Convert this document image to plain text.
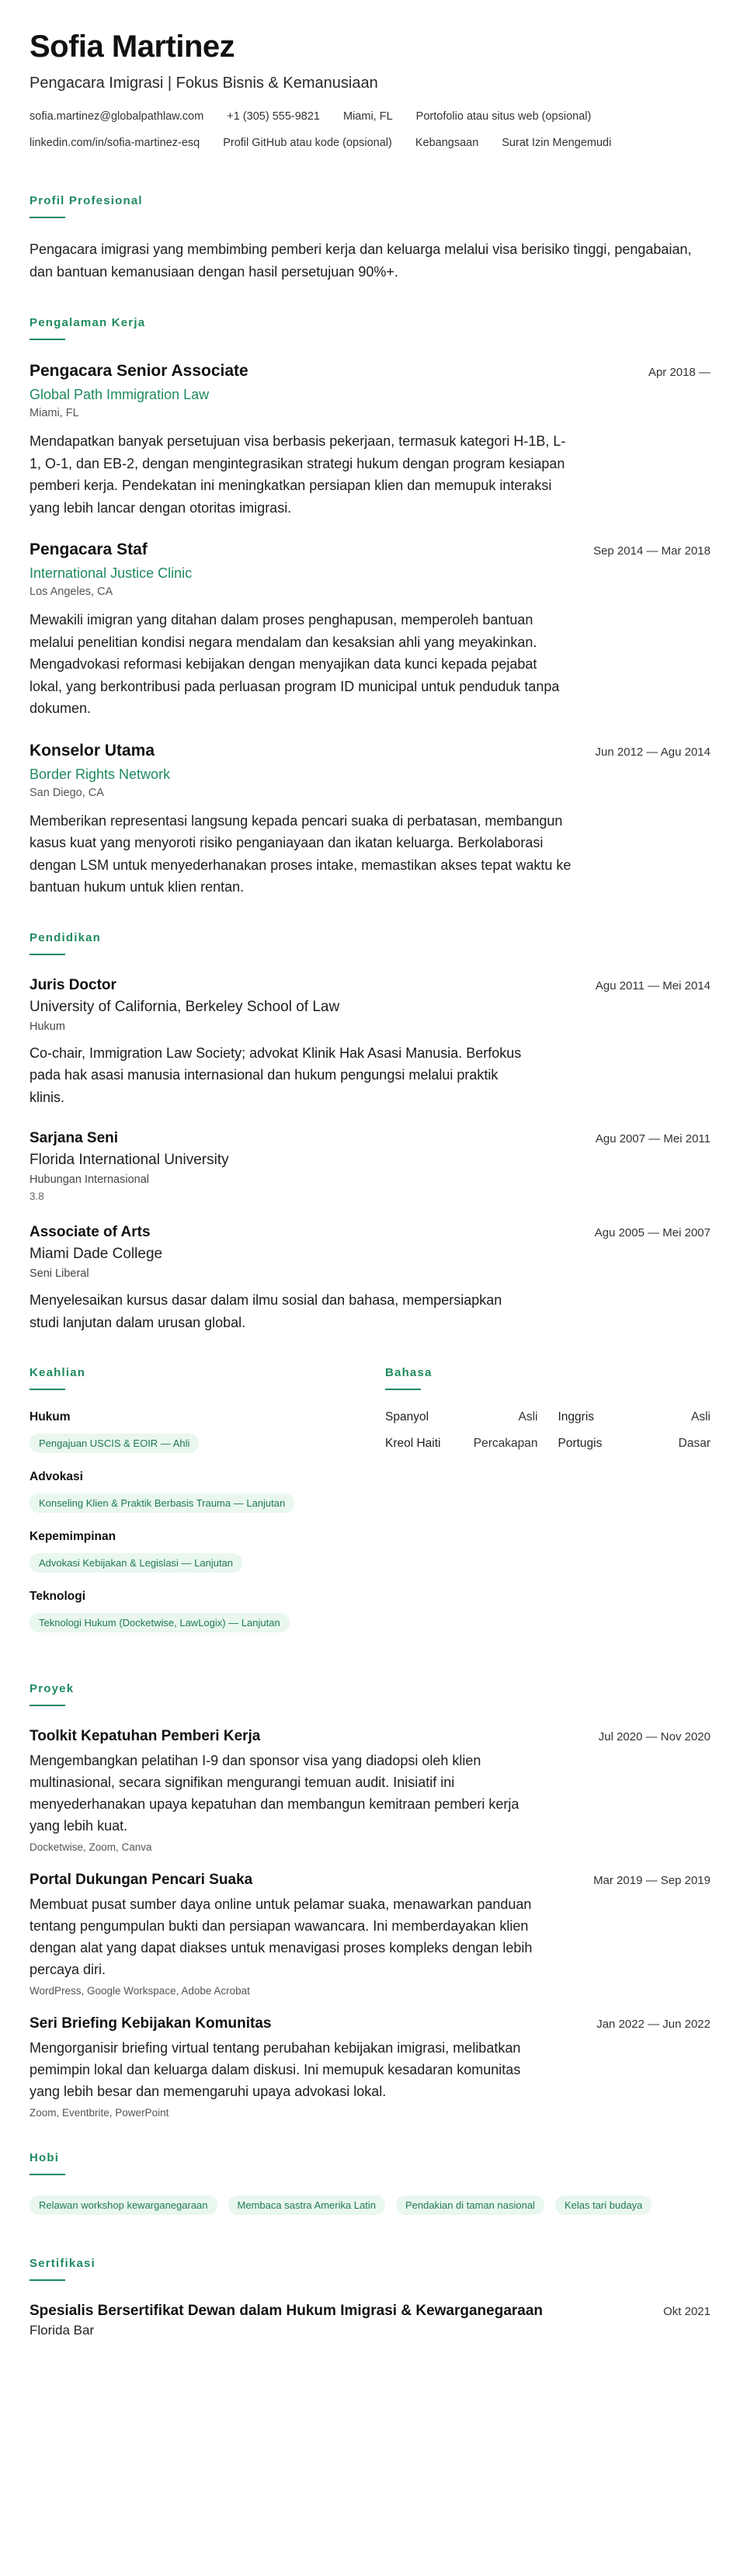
Sofia Martinez
Pengacara Imigrasi | Fokus Bisnis & Kemanusiaan
sofia.martinez@globalpathlaw.com +1 (305) 555-9821 Miami, FL Portofolio atau situs web (opsional)
linkedin.com/in/sofia-martinez-esq Profil GitHub atau kode (opsional) Kebangsaan Surat Izin Mengemudi
Profil Profesional
Pengacara imigrasi yang membimbing pemberi kerja dan keluarga melalui visa berisiko tinggi, pengabaian, dan bantuan kemanusiaan dengan hasil persetujuan 90%+.
Pengalaman Kerja
Pengacara Senior Associate	Apr 2018 —
Global Path Immigration Law
Miami, FL
Mendapatkan banyak persetujuan visa berbasis pekerjaan, termasuk kategori H-1B, L-1, O-1, dan EB-2, dengan mengintegrasikan strategi hukum dengan program kesiapan pemberi kerja. Pendekatan ini meningkatkan persiapan klien dan memupuk interaksi yang lebih lancar dengan otoritas imigrasi.
Pengacara Staf	Sep 2014 — Mar 2018
International Justice Clinic
Los Angeles, CA
Mewakili imigran yang ditahan dalam proses penghapusan, memperoleh bantuan melalui penelitian kondisi negara mendalam dan kesaksian ahli yang meyakinkan. Mengadvokasi reformasi kebijakan dengan menyajikan data kunci kepada pejabat lokal, yang berkontribusi pada perluasan program ID municipal untuk penduduk tanpa dokumen.
Konselor Utama	Jun 2012 — Agu 2014
Border Rights Network
San Diego, CA
Memberikan representasi langsung kepada pencari suaka di perbatasan, membangun kasus kuat yang menyoroti risiko penganiayaan dan ikatan keluarga. Berkolaborasi dengan LSM untuk menyederhanakan proses intake, memastikan akses tepat waktu ke bantuan hukum untuk klien rentan.
Pendidikan
Juris Doctor	Agu 2011 — Mei 2014
University of California, Berkeley School of Law
Hukum
Co-chair, Immigration Law Society; advokat Klinik Hak Asasi Manusia. Berfokus pada hak asasi manusia internasional dan hukum pengungsi melalui praktik klinis.
Sarjana Seni	Agu 2007 — Mei 2011
Florida International University
Hubungan Internasional
3.8
Associate of Arts	Agu 2005 — Mei 2007
Miami Dade College
Seni Liberal
Menyelesaikan kursus dasar dalam ilmu sosial dan bahasa, mempersiapkan studi lanjutan dalam urusan global.
Keahlian
Hukum
Pengajuan USCIS & EOIR — Ahli
Advokasi
Konseling Klien & Praktik Berbasis Trauma — Lanjutan
Kepemimpinan
Advokasi Kebijakan & Legislasi — Lanjutan
Teknologi
Teknologi Hukum (Docketwise, LawLogix) — Lanjutan
Bahasa
Spanyol	Asli Inggris	Asli
Kreol Haiti	Percakapan Portugis	Dasar
Proyek
Toolkit Kepatuhan Pemberi Kerja	Jul 2020 — Nov 2020
Mengembangkan pelatihan I-9 dan sponsor visa yang diadopsi oleh klien multinasional, secara signifikan mengurangi temuan audit. Inisiatif ini menyederhanakan upaya kepatuhan dan membangun kemitraan pemberi kerja yang lebih kuat.
Docketwise, Zoom, Canva
Portal Dukungan Pencari Suaka	Mar 2019 — Sep 2019
Membuat pusat sumber daya online untuk pelamar suaka, menawarkan panduan tentang pengumpulan bukti dan persiapan wawancara. Ini memberdayakan klien dengan alat yang dapat diakses untuk menavigasi proses kompleks dengan lebih percaya diri.
WordPress, Google Workspace, Adobe Acrobat
Seri Briefing Kebijakan Komunitas	Jan 2022 — Jun 2022
Mengorganisir briefing virtual tentang perubahan kebijakan imigrasi, melibatkan pemimpin lokal dan keluarga dalam diskusi. Ini memupuk kesadaran komunitas yang lebih besar dan memengaruhi upaya advokasi lokal.
Zoom, Eventbrite, PowerPoint
Hobi
Relawan workshop kewarganegaraan	Membaca sastra Amerika Latin	Pendakian di taman nasional	Kelas tari budaya
Sertifikasi
Spesialis Bersertifikat Dewan dalam Hukum Imigrasi & Kewarganegaraan	Okt 2021
Florida Bar
